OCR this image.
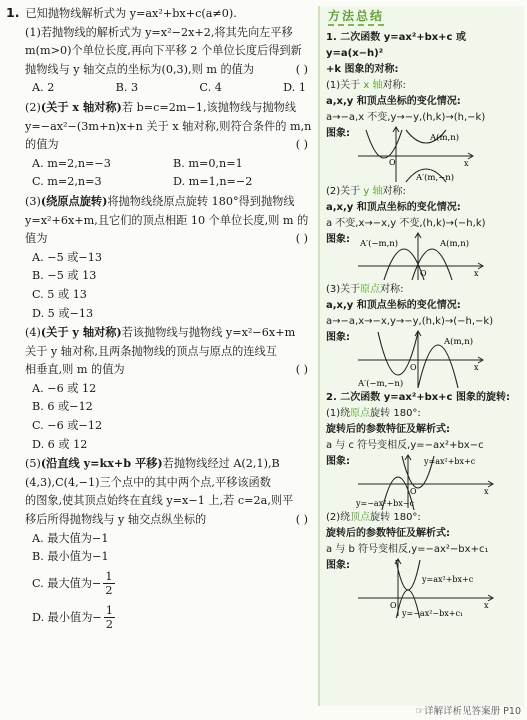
1. 已知抛物线解析式为 y=ax²+bx+c(a≠0).

(1)若抛物线的解析式为 y=x²−2x+2,将其先向左平移

m(m>0)个单位长度,再向下平移 2 个单位长度后得到新

抛物线与 y 轴交点的坐标为(0,3),则 m 的值为	( )

A. 2	B. 3	C. 4	D. 1

(2)(关于 x 轴对称)若 b=c=2m−1,该抛物线与抛物线

y=−ax²−(3m+n)x+n 关于 x 轴对称,则符合条件的 m,n

的值为	( )

A. m=2,n=−3	B. m=0,n=1
C. m=2,n=3	D. m=1,n=−2

(3)(绕原点旋转)将抛物线绕原点旋转 180°得到抛物线

y=x²+6x+m,且它们的顶点相距 10 个单位长度,则 m 的

值为	( )

A. −5 或−13
B. −5 或 13
C. 5 或 13
D. 5 或−13

(4)(关于 y 轴对称)若该抛物线与抛物线 y=x²−6x+m

关于 y 轴对称,且两条抛物线的顶点与原点的连线互

相垂直,则 m 的值为	( )

A. −6 或 12
B. 6 或−12
C. −6 或−12
D. 6 或 12

(5)(沿直线 y=kx+b 平移)若抛物线经过 A(2,1),B

(4,3),C(4,−1)三个点中的其中两个点,平移该函数

的图象,使其顶点始终在直线 y=x−1 上,若 c=2a,则平

移后所得抛物线与 y 轴交点纵坐标的	( )

A. 最大值为−1
B. 最小值为−1
C. 最大值为− $\frac{1}{2}$
D. 最小值为− $\frac{1}{2}$
方法总结

1. 二次函数 y=ax²+bx+c 或 y=a(x−h)²

+k 图象的对称:

(1)关于 x 轴对称:

a,x,y 和顶点坐标的变化情况:

a→−a,x 不变,y→−y,(h,k)→(h,−k)

图象:	A(m,n)
A′(m,−n)
O	x

(2)关于 y 轴对称:

a,x,y 和顶点坐标的变化情况:

a 不变,x→−x,y 不变,(h,k)→(−h,k)

图象:	A′(−m,n)	A(m,n)
O	x

(3)关于原点对称:

a,x,y 和顶点坐标的变化情况:

a→−a,x→−x,y→−y,(h,k)→(−h,−k)

图象:	A(m,n)
A′(−m,−n)
O	x

2. 二次函数 y=ax²+bx+c 图象的旋转:

(1)绕原点旋转 180°:

旋转后的参数特征及解析式:

a 与 c 符号变相反,y=−ax²+bx−c

图象:	y=ax²+bx+c
y=−ax²+bx−c
O	x

(2)绕顶点旋转 180°:

旋转后的参数特征及解析式:

a 与 b 符号变相反,y=−ax²−bx+c₁

图象:
y=ax²+bx+c
y=−ax²−bx+c₁
O	x
☞详解详析见答案册 P10
